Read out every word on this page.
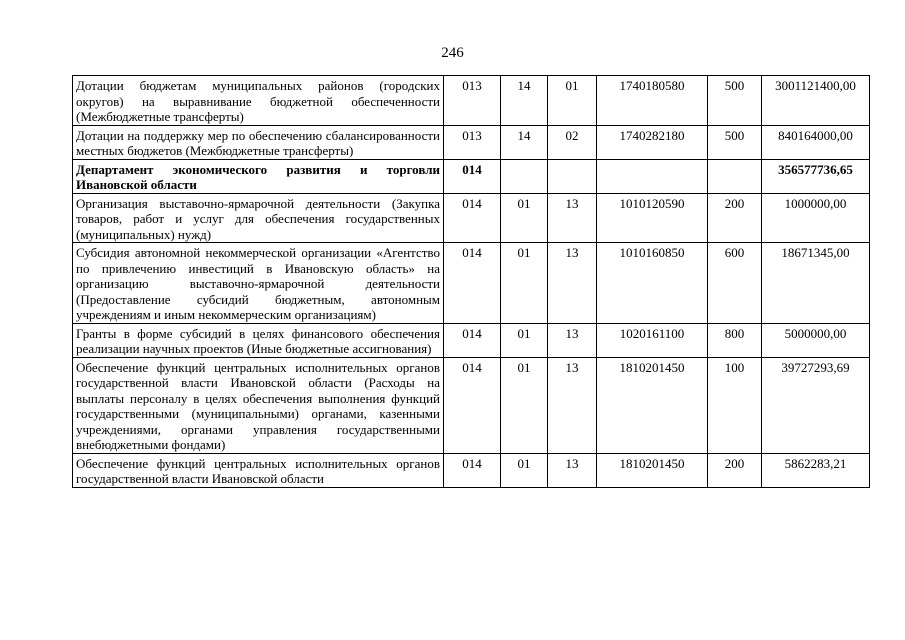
246
Дотации бюджетам муниципальных районов (городских округов) на выравнивание бюджетной обеспеченности (Межбюджетные трансферты)	013	14	01	1740180580	500	3001121400,00
Дотации на поддержку мер по обеспечению сбалансированности местных бюджетов (Межбюджетные трансферты)	013	14	02	1740282180	500	840164000,00
Департамент экономического развития и торговли Ивановской области	014					356577736,65
Организация выставочно-ярмарочной деятельности (Закупка товаров, работ и услуг для обеспечения государственных (муниципальных) нужд)	014	01	13	1010120590	200	1000000,00
Субсидия автономной некоммерческой организации «Агентство по привлечению инвестиций в Ивановскую область» на организацию выставочно-ярмарочной деятельности (Предоставление субсидий бюджетным, автономным учреждениям и иным некоммерческим организациям)	014	01	13	1010160850	600	18671345,00
Гранты в форме субсидий в целях финансового обеспечения реализации научных проектов (Иные бюджетные ассигнования)	014	01	13	1020161100	800	5000000,00
Обеспечение функций центральных исполнительных органов государственной власти Ивановской области (Расходы на выплаты персоналу в целях обеспечения выполнения функций государственными (муниципальными) органами, казенными учреждениями, органами управления государственными внебюджетными фондами)	014	01	13	1810201450	100	39727293,69
Обеспечение функций центральных исполнительных органов государственной власти Ивановской области	014	01	13	1810201450	200	5862283,21
